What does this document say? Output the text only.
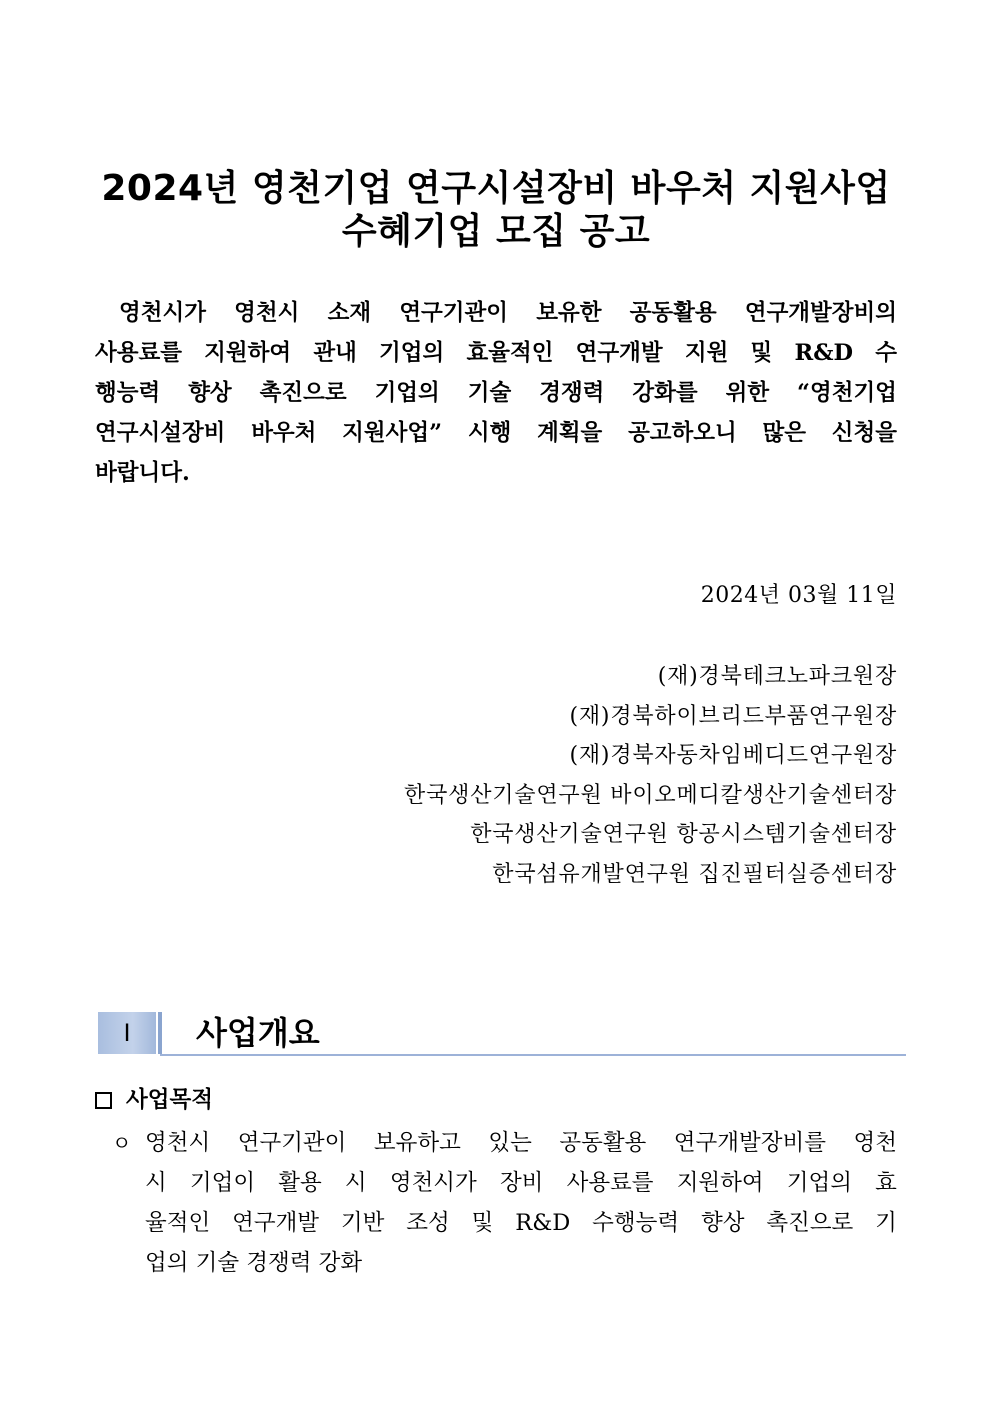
2024년 영천기업 연구시설장비 바우처 지원사업
수혜기업 모집 공고
영천시가 영천시 소재 연구기관이 보유한 공동활용 연구개발장비의
사용료를 지원하여 관내 기업의 효율적인 연구개발 지원 및 R&D 수
행능력 향상 촉진으로 기업의 기술 경쟁력 강화를 위한 “영천기업
연구시설장비 바우처 지원사업” 시행 계획을 공고하오니 많은 신청을
바랍니다.
2024년 03월 11일
(재)경북테크노파크원장
(재)경북하이브리드부품연구원장
(재)경북자동차임베디드연구원장
한국생산기술연구원 바이오메디칼생산기술센터장
한국생산기술연구원 항공시스템기술센터장
한국섬유개발연구원 집진필터실증센터장
Ⅰ	사업개요
사업목적
ㅇ 영천시 연구기관이 보유하고 있는 공동활용 연구개발장비를 영천
시 기업이 활용 시 영천시가 장비 사용료를 지원하여 기업의 효
율적인 연구개발 기반 조성 및 R&D 수행능력 향상 촉진으로 기
업의 기술 경쟁력 강화
